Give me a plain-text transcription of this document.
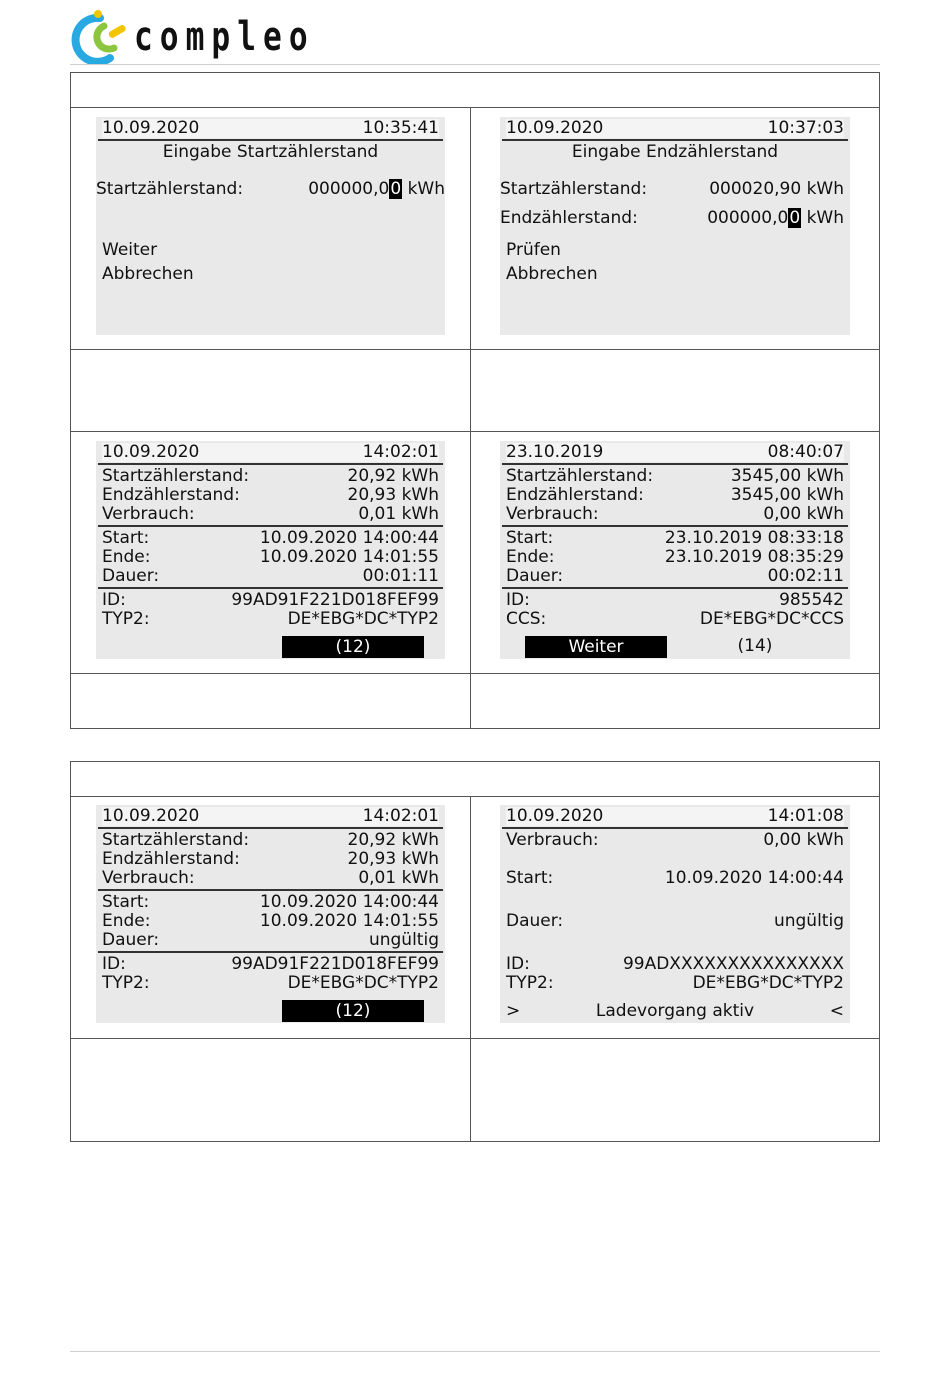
compleo
10.09.2020	10:35:41
Eingabe Startzählerstand
Startzählerstand:	000000,00 kWh
Weiter
Abbrechen
10.09.2020	10:37:03
Eingabe Endzählerstand
Startzählerstand:	000020,90 kWh
Endzählerstand:	000000,00 kWh
Prüfen
Abbrechen
10.09.2020	14:02:01
Startzählerstand:	20,92 kWh
Endzählerstand:	20,93 kWh
Verbrauch:	0,01 kWh
Start:	10.09.2020 14:00:44
Ende:	10.09.2020 14:01:55
Dauer:	00:01:11
ID:	99AD91F221D018FEF99
TYP2:	DE*EBG*DC*TYP2
(12)
23.10.2019	08:40:07
Startzählerstand:	3545,00 kWh
Endzählerstand:	3545,00 kWh
Verbrauch:	0,00 kWh
Start:	23.10.2019 08:33:18
Ende:	23.10.2019 08:35:29
Dauer:	00:02:11
ID:	985542
CCS:	DE*EBG*DC*CCS
Weiter	(14)
10.09.2020	14:02:01
Startzählerstand:	20,92 kWh
Endzählerstand:	20,93 kWh
Verbrauch:	0,01 kWh
Start:	10.09.2020 14:00:44
Ende:	10.09.2020 14:01:55
Dauer:	ungültig
ID:	99AD91F221D018FEF99
TYP2:	DE*EBG*DC*TYP2
(12)
10.09.2020	14:01:08
Verbrauch:	0,00 kWh
Start:	10.09.2020 14:00:44
Dauer:	ungültig
ID:	99ADXXXXXXXXXXXXXXX
TYP2:	DE*EBG*DC*TYP2
>	Ladevorgang aktiv	<
